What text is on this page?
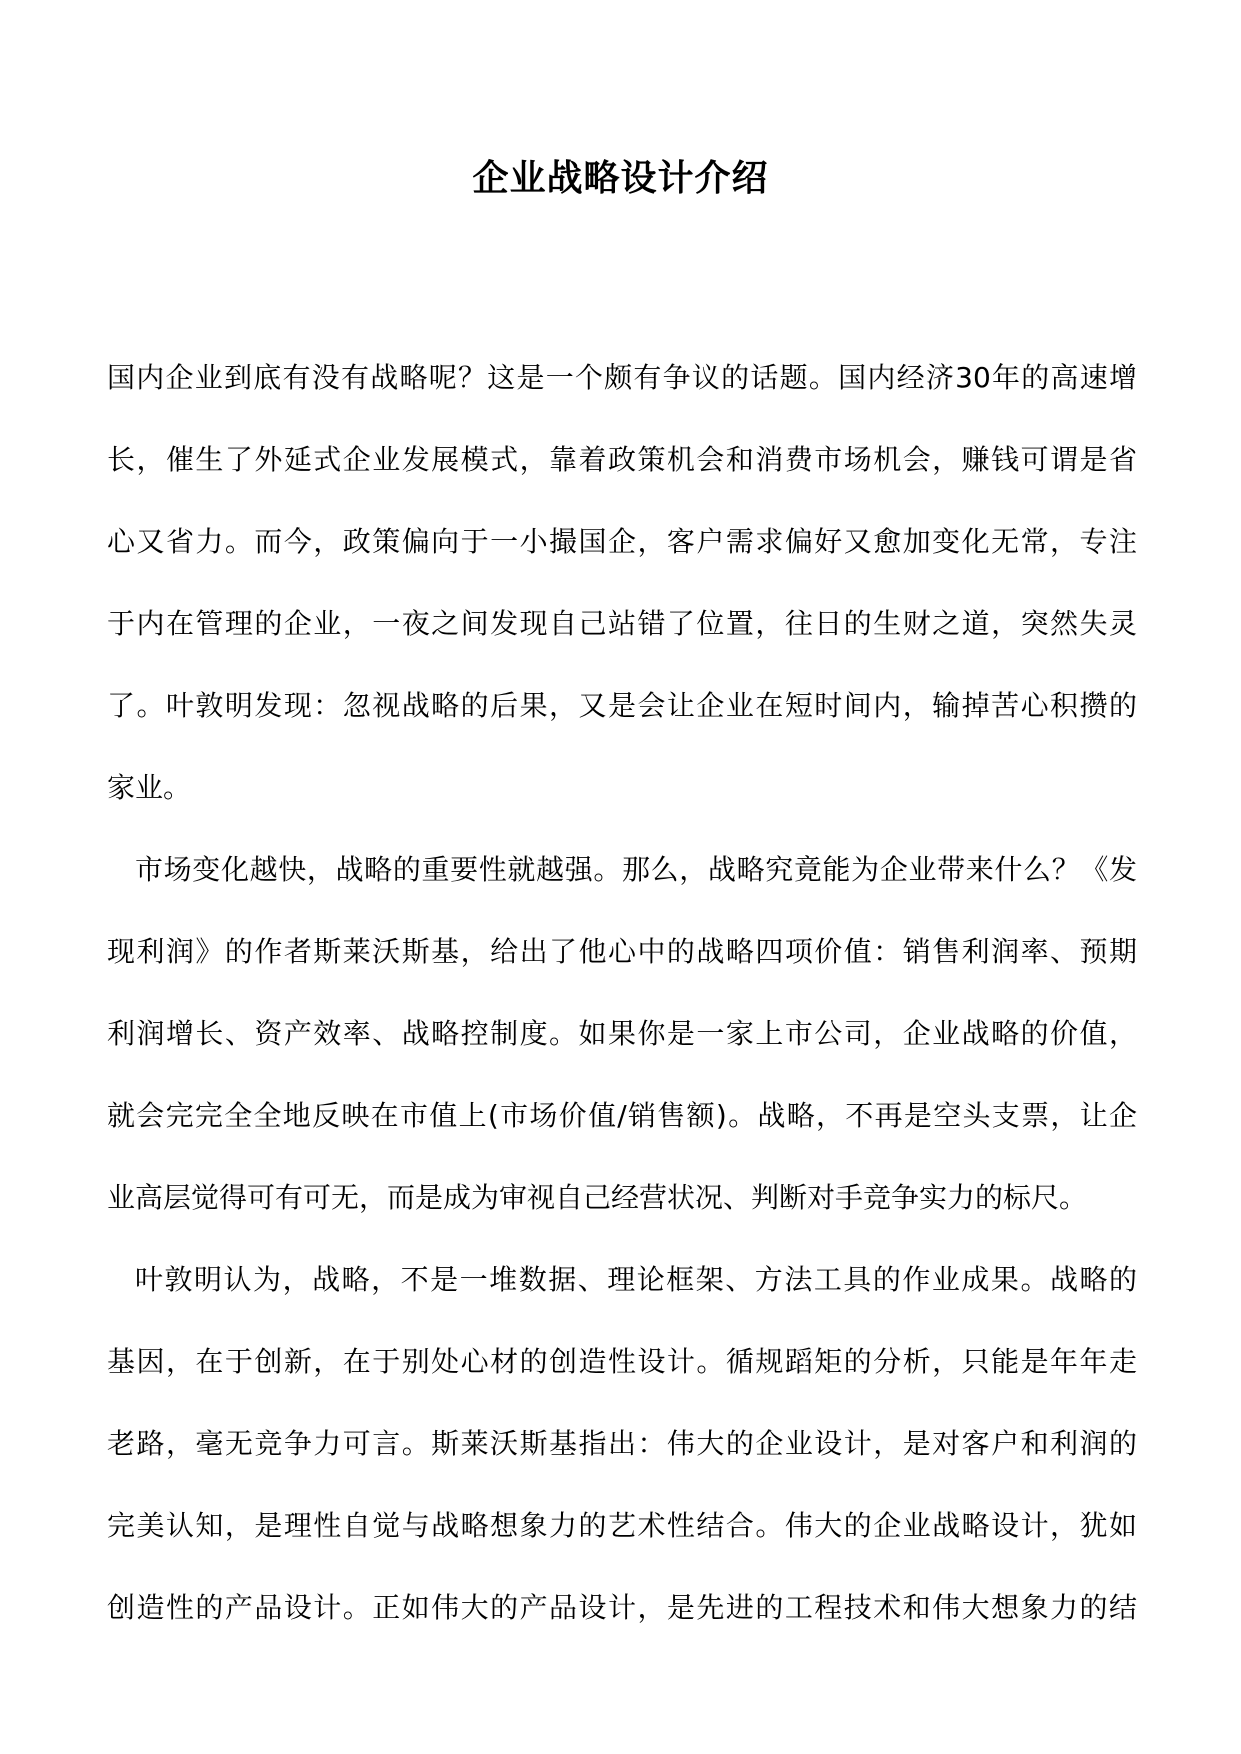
企业战略设计介绍
国内企业到底有没有战略呢？这是一个颇有争议的话题。国内经济30年的高速增
长，催生了外延式企业发展模式，靠着政策机会和消费市场机会，赚钱可谓是省
心又省力。而今，政策偏向于一小撮国企，客户需求偏好又愈加变化无常，专注
于内在管理的企业，一夜之间发现自己站错了位置，往日的生财之道，突然失灵
了。叶敦明发现：忽视战略的后果，又是会让企业在短时间内，输掉苦心积攒的
家业。
市场变化越快，战略的重要性就越强。那么，战略究竟能为企业带来什么？《发
现利润》的作者斯莱沃斯基，给出了他心中的战略四项价值：销售利润率、预期
利润增长、资产效率、战略控制度。如果你是一家上市公司，企业战略的价值，
就会完完全全地反映在市值上(市场价值/销售额)。战略，不再是空头支票，让企
业高层觉得可有可无，而是成为审视自己经营状况、判断对手竞争实力的标尺。
叶敦明认为，战略，不是一堆数据、理论框架、方法工具的作业成果。战略的
基因，在于创新，在于别处心材的创造性设计。循规蹈矩的分析，只能是年年走
老路，毫无竞争力可言。斯莱沃斯基指出：伟大的企业设计，是对客户和利润的
完美认知，是理性自觉与战略想象力的艺术性结合。伟大的企业战略设计，犹如
创造性的产品设计。正如伟大的产品设计，是先进的工程技术和伟大想象力的结
